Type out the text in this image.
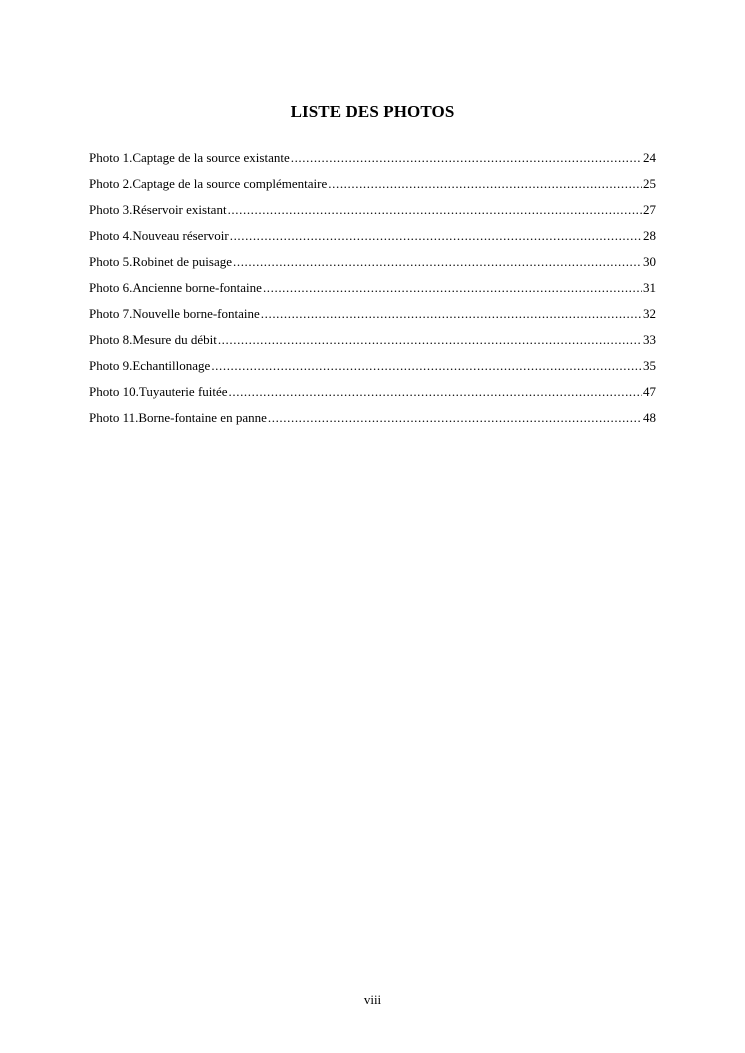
LISTE DES PHOTOS
Photo 1.Captage de la source existante .....	24
Photo 2.Captage de la source complémentaire .....	25
Photo 3.Réservoir existant .....	27
Photo 4.Nouveau réservoir .....	28
Photo 5.Robinet de puisage .....	30
Photo 6.Ancienne borne-fontaine .....	31
Photo 7.Nouvelle borne-fontaine .....	32
Photo 8.Mesure du débit .....	33
Photo 9.Echantillonage .....	35
Photo 10.Tuyauterie fuitée .....	47
Photo 11.Borne-fontaine en panne .....	48
viii
